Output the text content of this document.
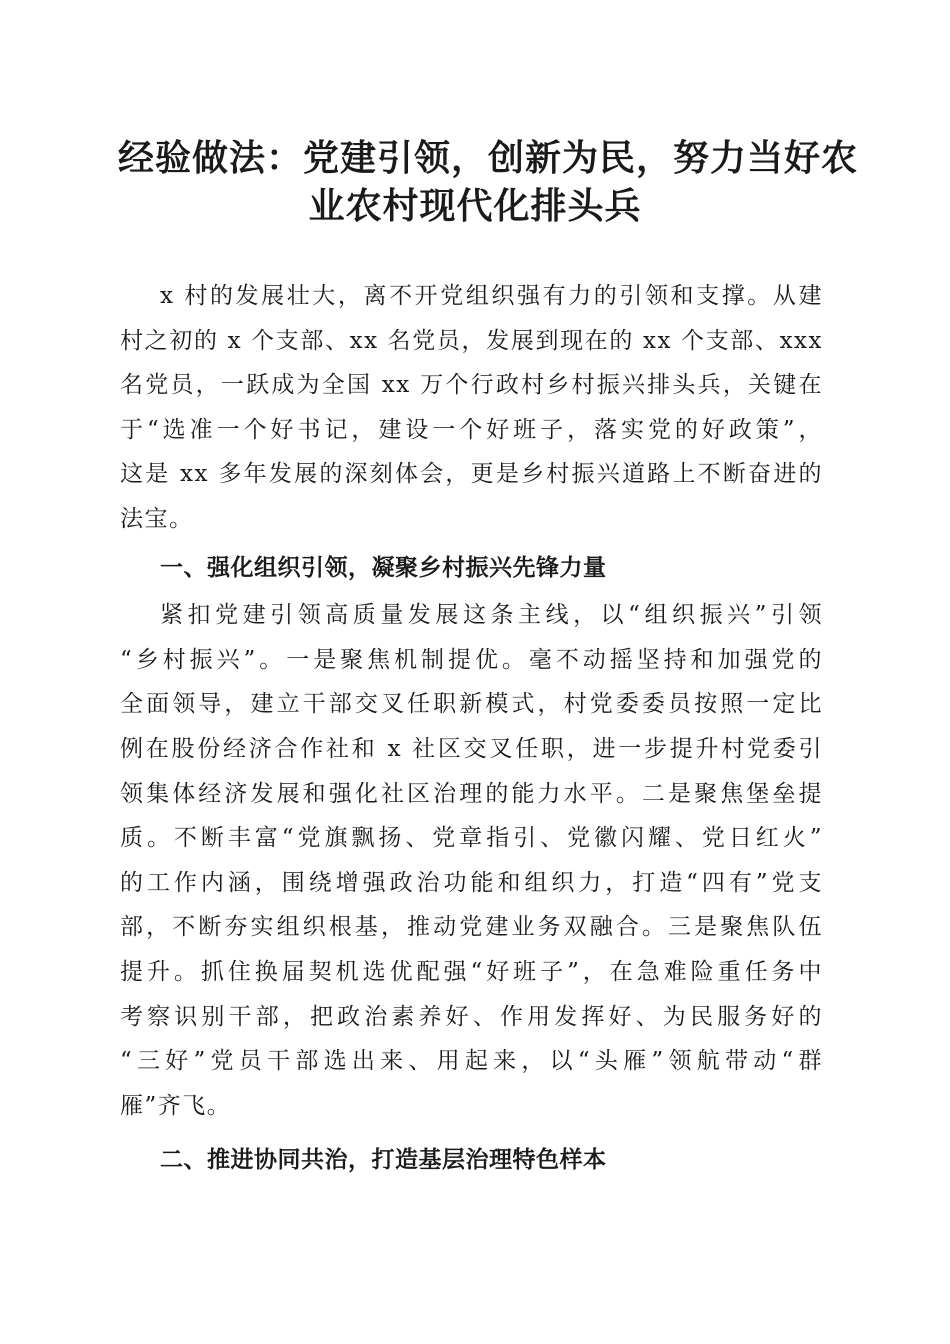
经验做法：党建引领，创新为民，努力当好农
业农村现代化排头兵

x 村的发展壮大，离不开党组织强有力的引领和支撑。从建
村之初的 x 个支部、xx 名党员，发展到现在的 xx 个支部、xxx
名党员，一跃成为全国 xx 万个行政村乡村振兴排头兵，关键在
于“选准一个好书记，建设一个好班子，落实党的好政策”，
这是 xx 多年发展的深刻体会，更是乡村振兴道路上不断奋进的
法宝。

一、强化组织引领，凝聚乡村振兴先锋力量

紧扣党建引领高质量发展这条主线，以“组织振兴”引领
“乡村振兴”。一是聚焦机制提优。毫不动摇坚持和加强党的
全面领导，建立干部交叉任职新模式，村党委委员按照一定比
例在股份经济合作社和 x 社区交叉任职，进一步提升村党委引
领集体经济发展和强化社区治理的能力水平。二是聚焦堡垒提
质。不断丰富“党旗飘扬、党章指引、党徽闪耀、党日红火”
的工作内涵，围绕增强政治功能和组织力，打造“四有”党支
部，不断夯实组织根基，推动党建业务双融合。三是聚焦队伍
提升。抓住换届契机选优配强“好班子”，在急难险重任务中
考察识别干部，把政治素养好、作用发挥好、为民服务好的
“三好”党员干部选出来、用起来，以“头雁”领航带动“群
雁”齐飞。

二、推进协同共治，打造基层治理特色样本
